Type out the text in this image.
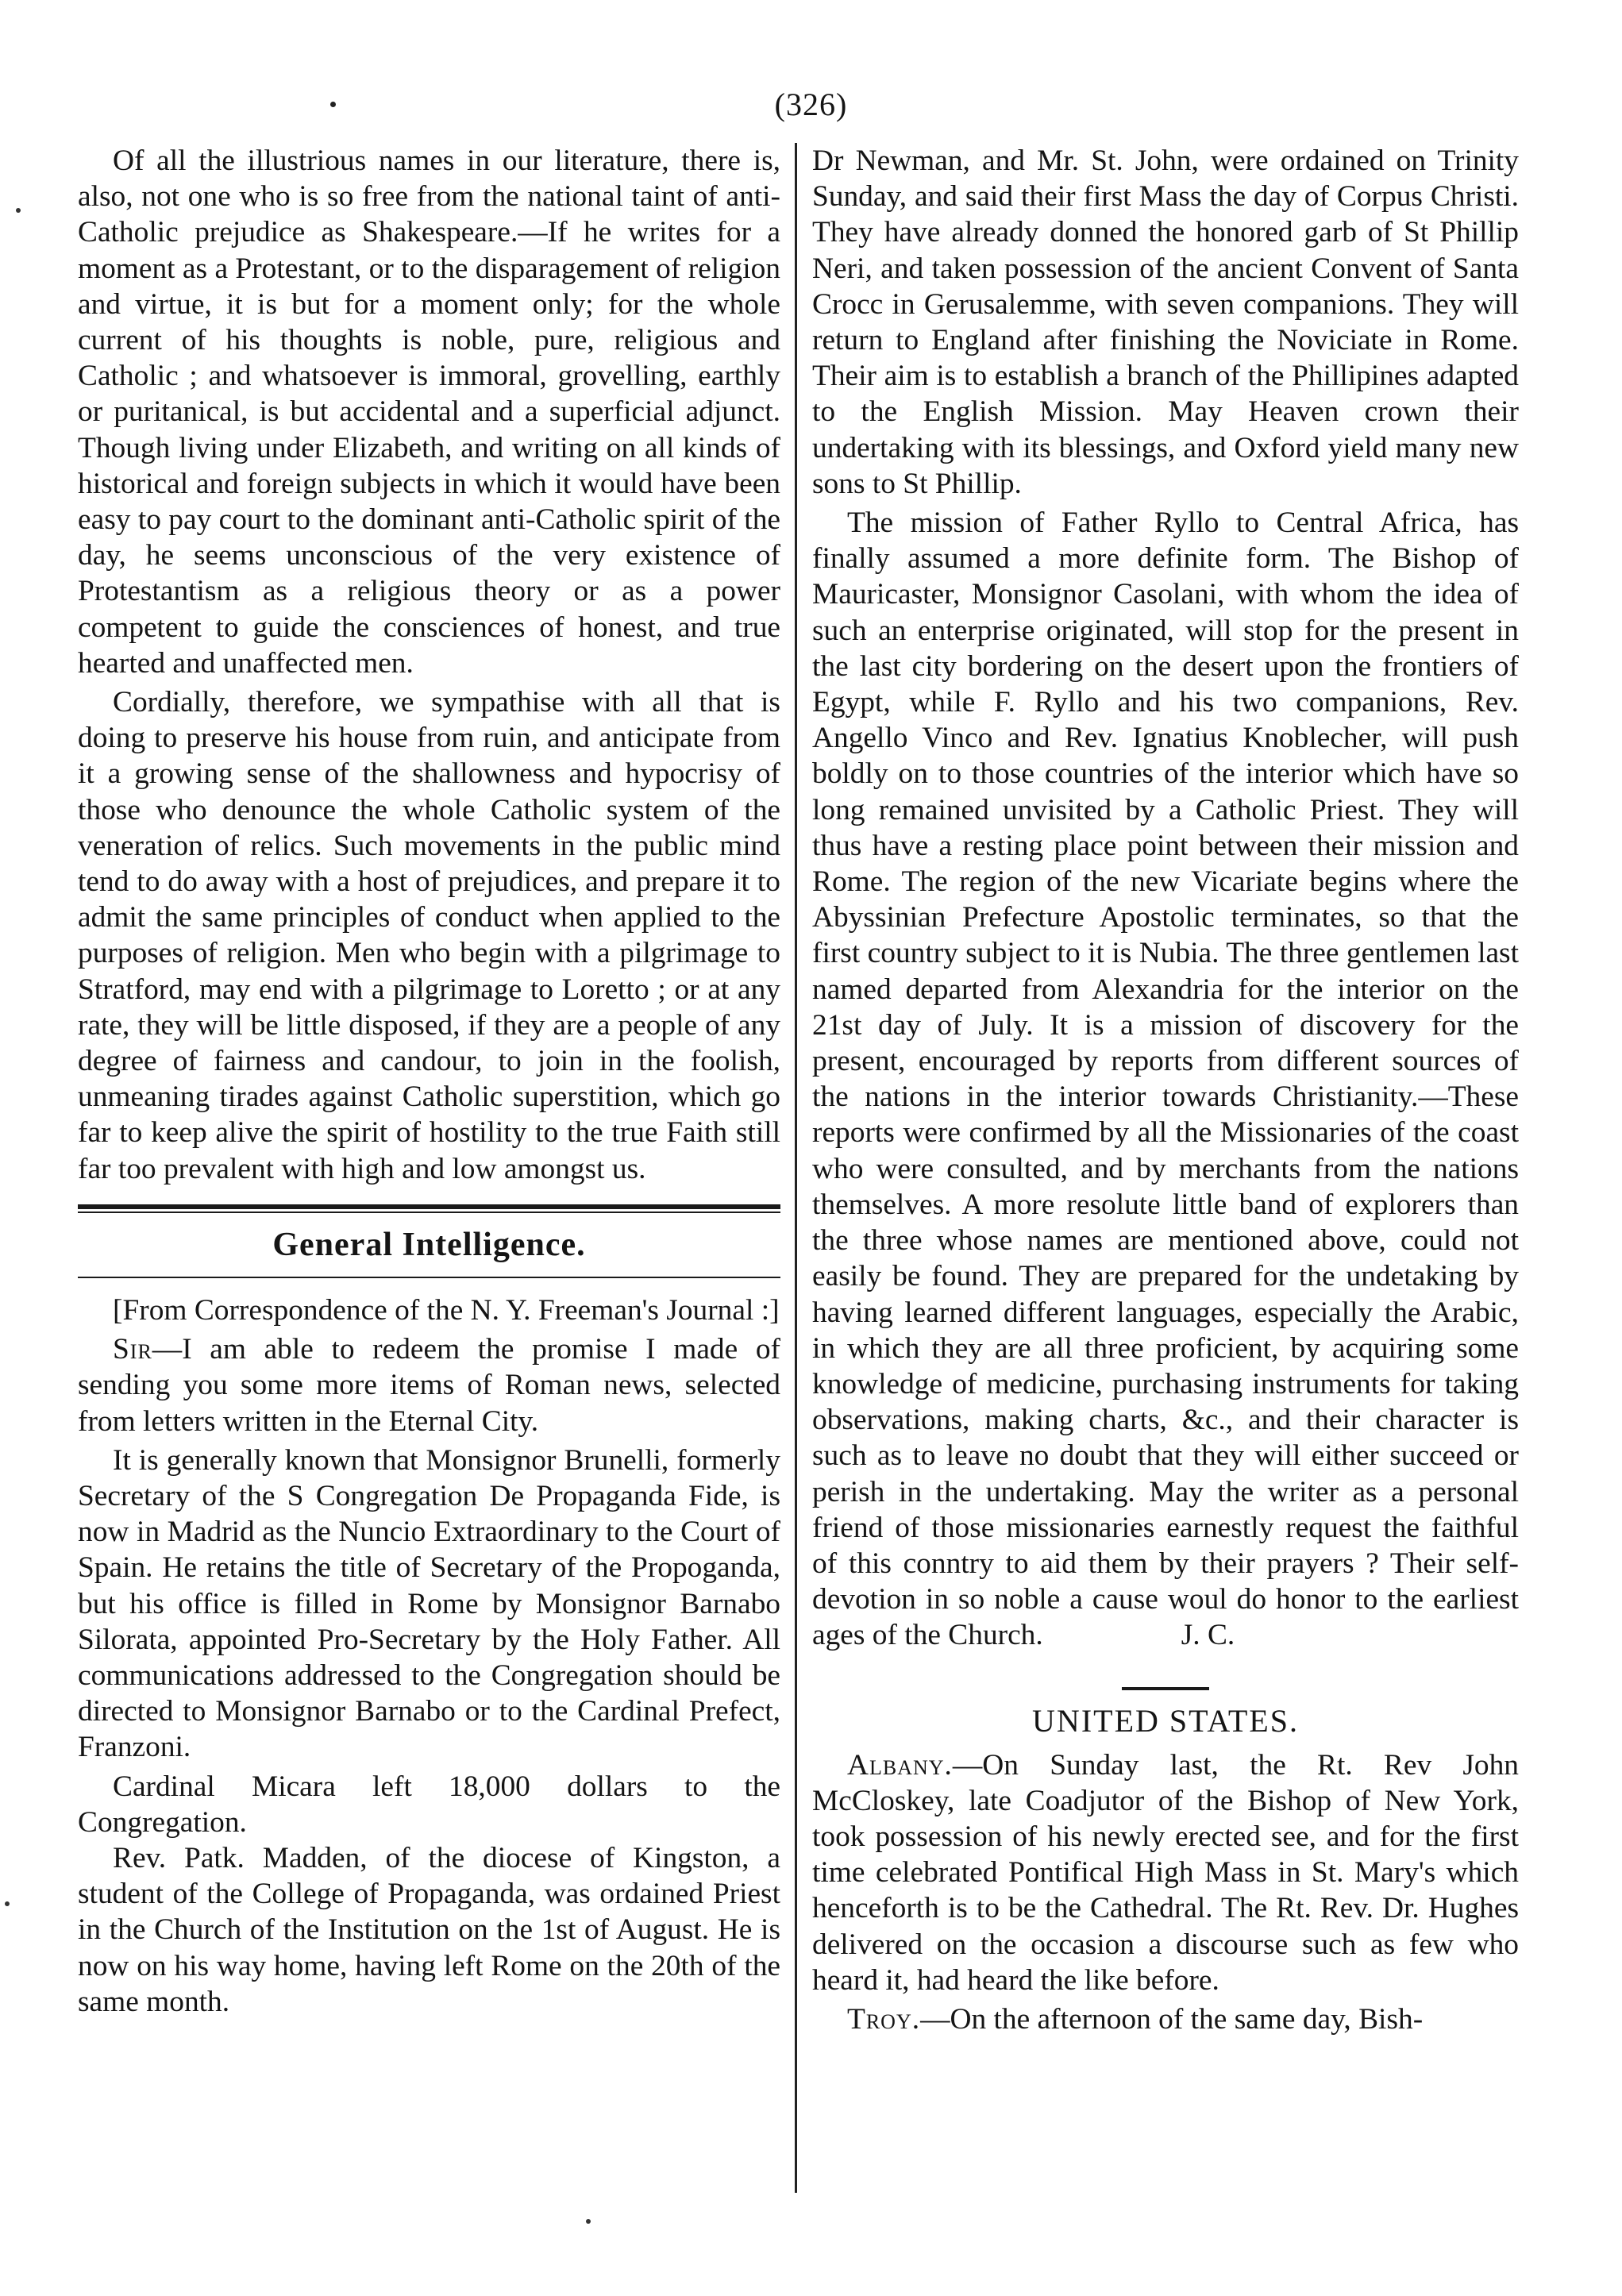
(326)

Of all the illustrious names in our literature, there is, also, not one who is so free from the national taint of anti-Catholic prejudice as Shakespeare.—If he writes for a moment as a Protestant, or to the disparagement of religion and virtue, it is but for a moment only; for the whole current of his thoughts is noble, pure, religious and Catholic ; and whatsoever is immoral, grovelling, earthly or puritanical, is but accidental and a superficial adjunct. Though living under Elizabeth, and writing on all kinds of historical and foreign subjects in which it would have been easy to pay court to the dominant anti-Catholic spirit of the day, he seems unconscious of the very existence of Protestantism as a religious theory or as a power competent to guide the consciences of honest, and true hearted and unaffected men.

Cordially, therefore, we sympathise with all that is doing to preserve his house from ruin, and anticipate from it a growing sense of the shallowness and hypocrisy of those who denounce the whole Catholic system of the veneration of relics. Such movements in the public mind tend to do away with a host of prejudices, and prepare it to admit the same principles of conduct when applied to the purposes of religion. Men who begin with a pilgrimage to Stratford, may end with a pilgrimage to Loretto ; or at any rate, they will be little disposed, if they are a people of any degree of fairness and candour, to join in the foolish, unmeaning tirades against Catholic superstition, which go far to keep alive the spirit of hostility to the true Faith still far too prevalent with high and low amongst us.

General Intelligence.

[From Correspondence of the N. Y. Freeman's Journal :]

Sir—I am able to redeem the promise I made of sending you some more items of Roman news, selected from letters written in the Eternal City.

It is generally known that Monsignor Brunelli, formerly Secretary of the S Congregation De Propaganda Fide, is now in Madrid as the Nuncio Extraordinary to the Court of Spain. He retains the title of Secretary of the Propoganda, but his office is filled in Rome by Monsignor Barnabo Silorata, appointed Pro-Secretary by the Holy Father. All communications addressed to the Congregation should be directed to Monsignor Barnabo or to the Cardinal Prefect, Franzoni.

Cardinal Micara left 18,000 dollars to the Congregation.

Rev. Patk. Madden, of the diocese of Kingston, a student of the College of Propaganda, was ordained Priest in the Church of the Institution on the 1st of August. He is now on his way home, having left Rome on the 20th of the same month.

Dr Newman, and Mr. St. John, were ordained on Trinity Sunday, and said their first Mass the day of Corpus Christi. They have already donned the honored garb of St Phillip Neri, and taken possession of the ancient Convent of Santa Crocc in Gerusalemme, with seven companions. They will return to England after finishing the Noviciate in Rome. Their aim is to establish a branch of the Phillipines adapted to the English Mission. May Heaven crown their undertaking with its blessings, and Oxford yield many new sons to St Phillip.

The mission of Father Ryllo to Central Africa, has finally assumed a more definite form. The Bishop of Mauricaster, Monsignor Casolani, with whom the idea of such an enterprise originated, will stop for the present in the last city bordering on the desert upon the frontiers of Egypt, while F. Ryllo and his two companions, Rev. Angello Vinco and Rev. Ignatius Knoblecher, will push boldly on to those countries of the interior which have so long remained unvisited by a Catholic Priest. They will thus have a resting place point between their mission and Rome. The region of the new Vicariate begins where the Abyssinian Prefecture Apostolic terminates, so that the first country subject to it is Nubia. The three gentlemen last named departed from Alexandria for the interior on the 21st day of July. It is a mission of discovery for the present, encouraged by reports from different sources of the nations in the interior towards Christianity.—These reports were confirmed by all the Missionaries of the coast who were consulted, and by merchants from the nations themselves. A more resolute little band of explorers than the three whose names are mentioned above, could not easily be found. They are prepared for the undetaking by having learned different languages, especially the Arabic, in which they are all three proficient, by acquiring some knowledge of medicine, purchasing instruments for taking observations, making charts, &c., and their character is such as to leave no doubt that they will either succeed or perish in the undertaking. May the writer as a personal friend of those missionaries earnestly request the faithful of this conntry to aid them by their prayers ? Their self-devotion in so noble a cause woul do honor to the earliest ages of the Church.	J. C.

UNITED STATES.

Albany.—On Sunday last, the Rt. Rev John McCloskey, late Coadjutor of the Bishop of New York, took possession of his newly erected see, and for the first time celebrated Pontifical High Mass in St. Mary's which henceforth is to be the Cathedral. The Rt. Rev. Dr. Hughes delivered on the occasion a discourse such as few who heard it, had heard the like before.

Troy.—On the afternoon of the same day, Bish-
